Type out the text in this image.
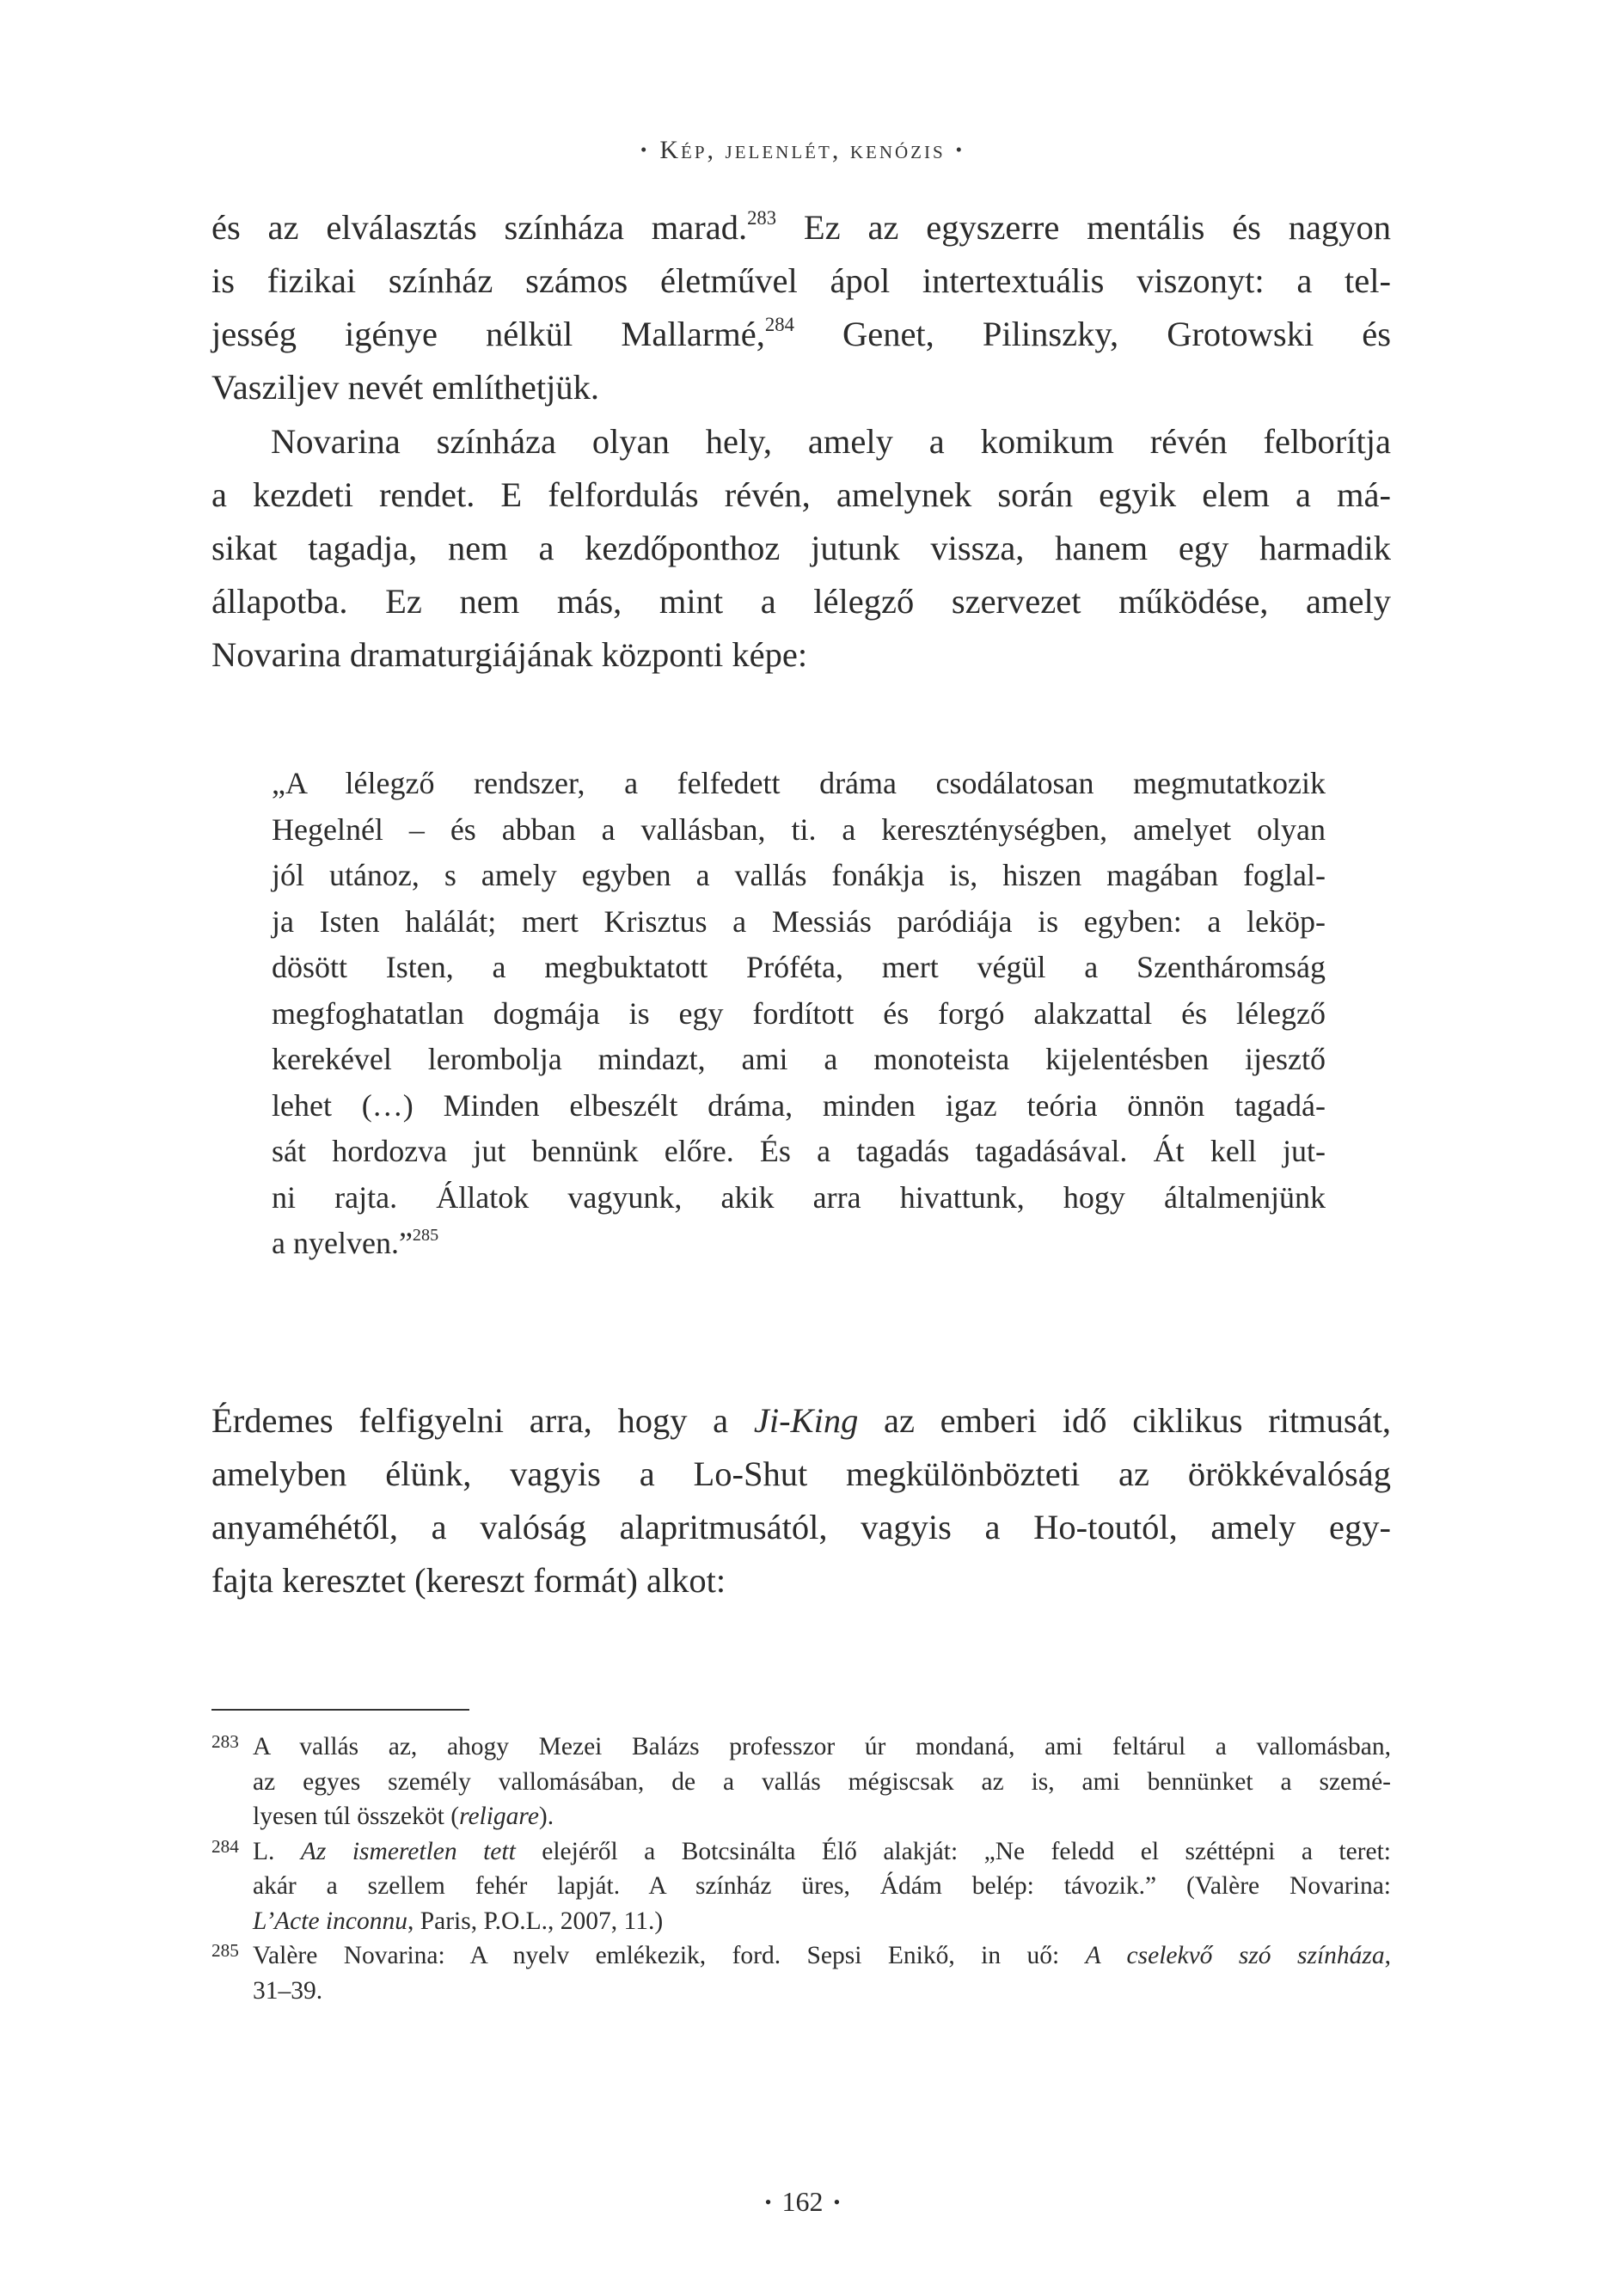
• Kép, jelenlét, kenózis •
és az elválasztás színháza marad.$^{283}$ Ez az egyszerre mentális és nagyon
is fizikai színház számos életművel ápol intertextuális viszonyt: a tel-
jesség igénye nélkül Mallarmé,$^{284}$ Genet, Pilinszky, Grotowski és
Vasziljev nevét említhetjük.
Novarina színháza olyan hely, amely a komikum révén felborítja
a kezdeti rendet. E felfordulás révén, amelynek során egyik elem a má-
sikat tagadja, nem a kezdőponthoz jutunk vissza, hanem egy harmadik
állapotba. Ez nem más, mint a lélegző szervezet működése, amely
Novarina dramaturgiájának központi képe:
„A lélegző rendszer, a felfedett dráma csodálatosan megmutatkozik
Hegelnél – és abban a vallásban, ti. a kereszténységben, amelyet olyan
jól utánoz, s amely egyben a vallás fonákja is, hiszen magában foglal-
ja Isten halálát; mert Krisztus a Messiás paródiája is egyben: a leköp-
dösött Isten, a megbuktatott Próféta, mert végül a Szentháromság
megfoghatatlan dogmája is egy fordított és forgó alakzattal és lélegző
kerekével lerombolja mindazt, ami a monoteista kijelentésben ijesztő
lehet (…) Minden elbeszélt dráma, minden igaz teória önnön tagadá-
sát hordozva jut bennünk előre. És a tagadás tagadásával. Át kell jut-
ni rajta. Állatok vagyunk, akik arra hivattunk, hogy általmenjünk
a nyelven.”$^{285}$
Érdemes felfigyelni arra, hogy a Ji-King az emberi idő ciklikus ritmusát,
amelyben élünk, vagyis a Lo-Shut megkülönbözteti az örökkévalóság
anyaméhétől, a valóság alapritmusától, vagyis a Ho-toutól, amely egy-
fajta keresztet (kereszt formát) alkot:
283 A vallás az, ahogy Mezei Balázs professzor úr mondaná, ami feltárul a vallomásban,
az egyes személy vallomásában, de a vallás mégiscsak az is, ami bennünket a szemé-
lyesen túl összeköt (religare).
284 L. Az ismeretlen tett elejéről a Botcsinálta Élő alakját: „Ne feledd el széttépni a teret:
akár a szellem fehér lapját. A színház üres, Ádám belép: távozik.” (Valère Novarina:
L’Acte inconnu, Paris, P.O.L., 2007, 11.)
285 Valère Novarina: A nyelv emlékezik, ford. Sepsi Enikő, in uő: A cselekvő szó színháza,
31–39.
• 162 •
